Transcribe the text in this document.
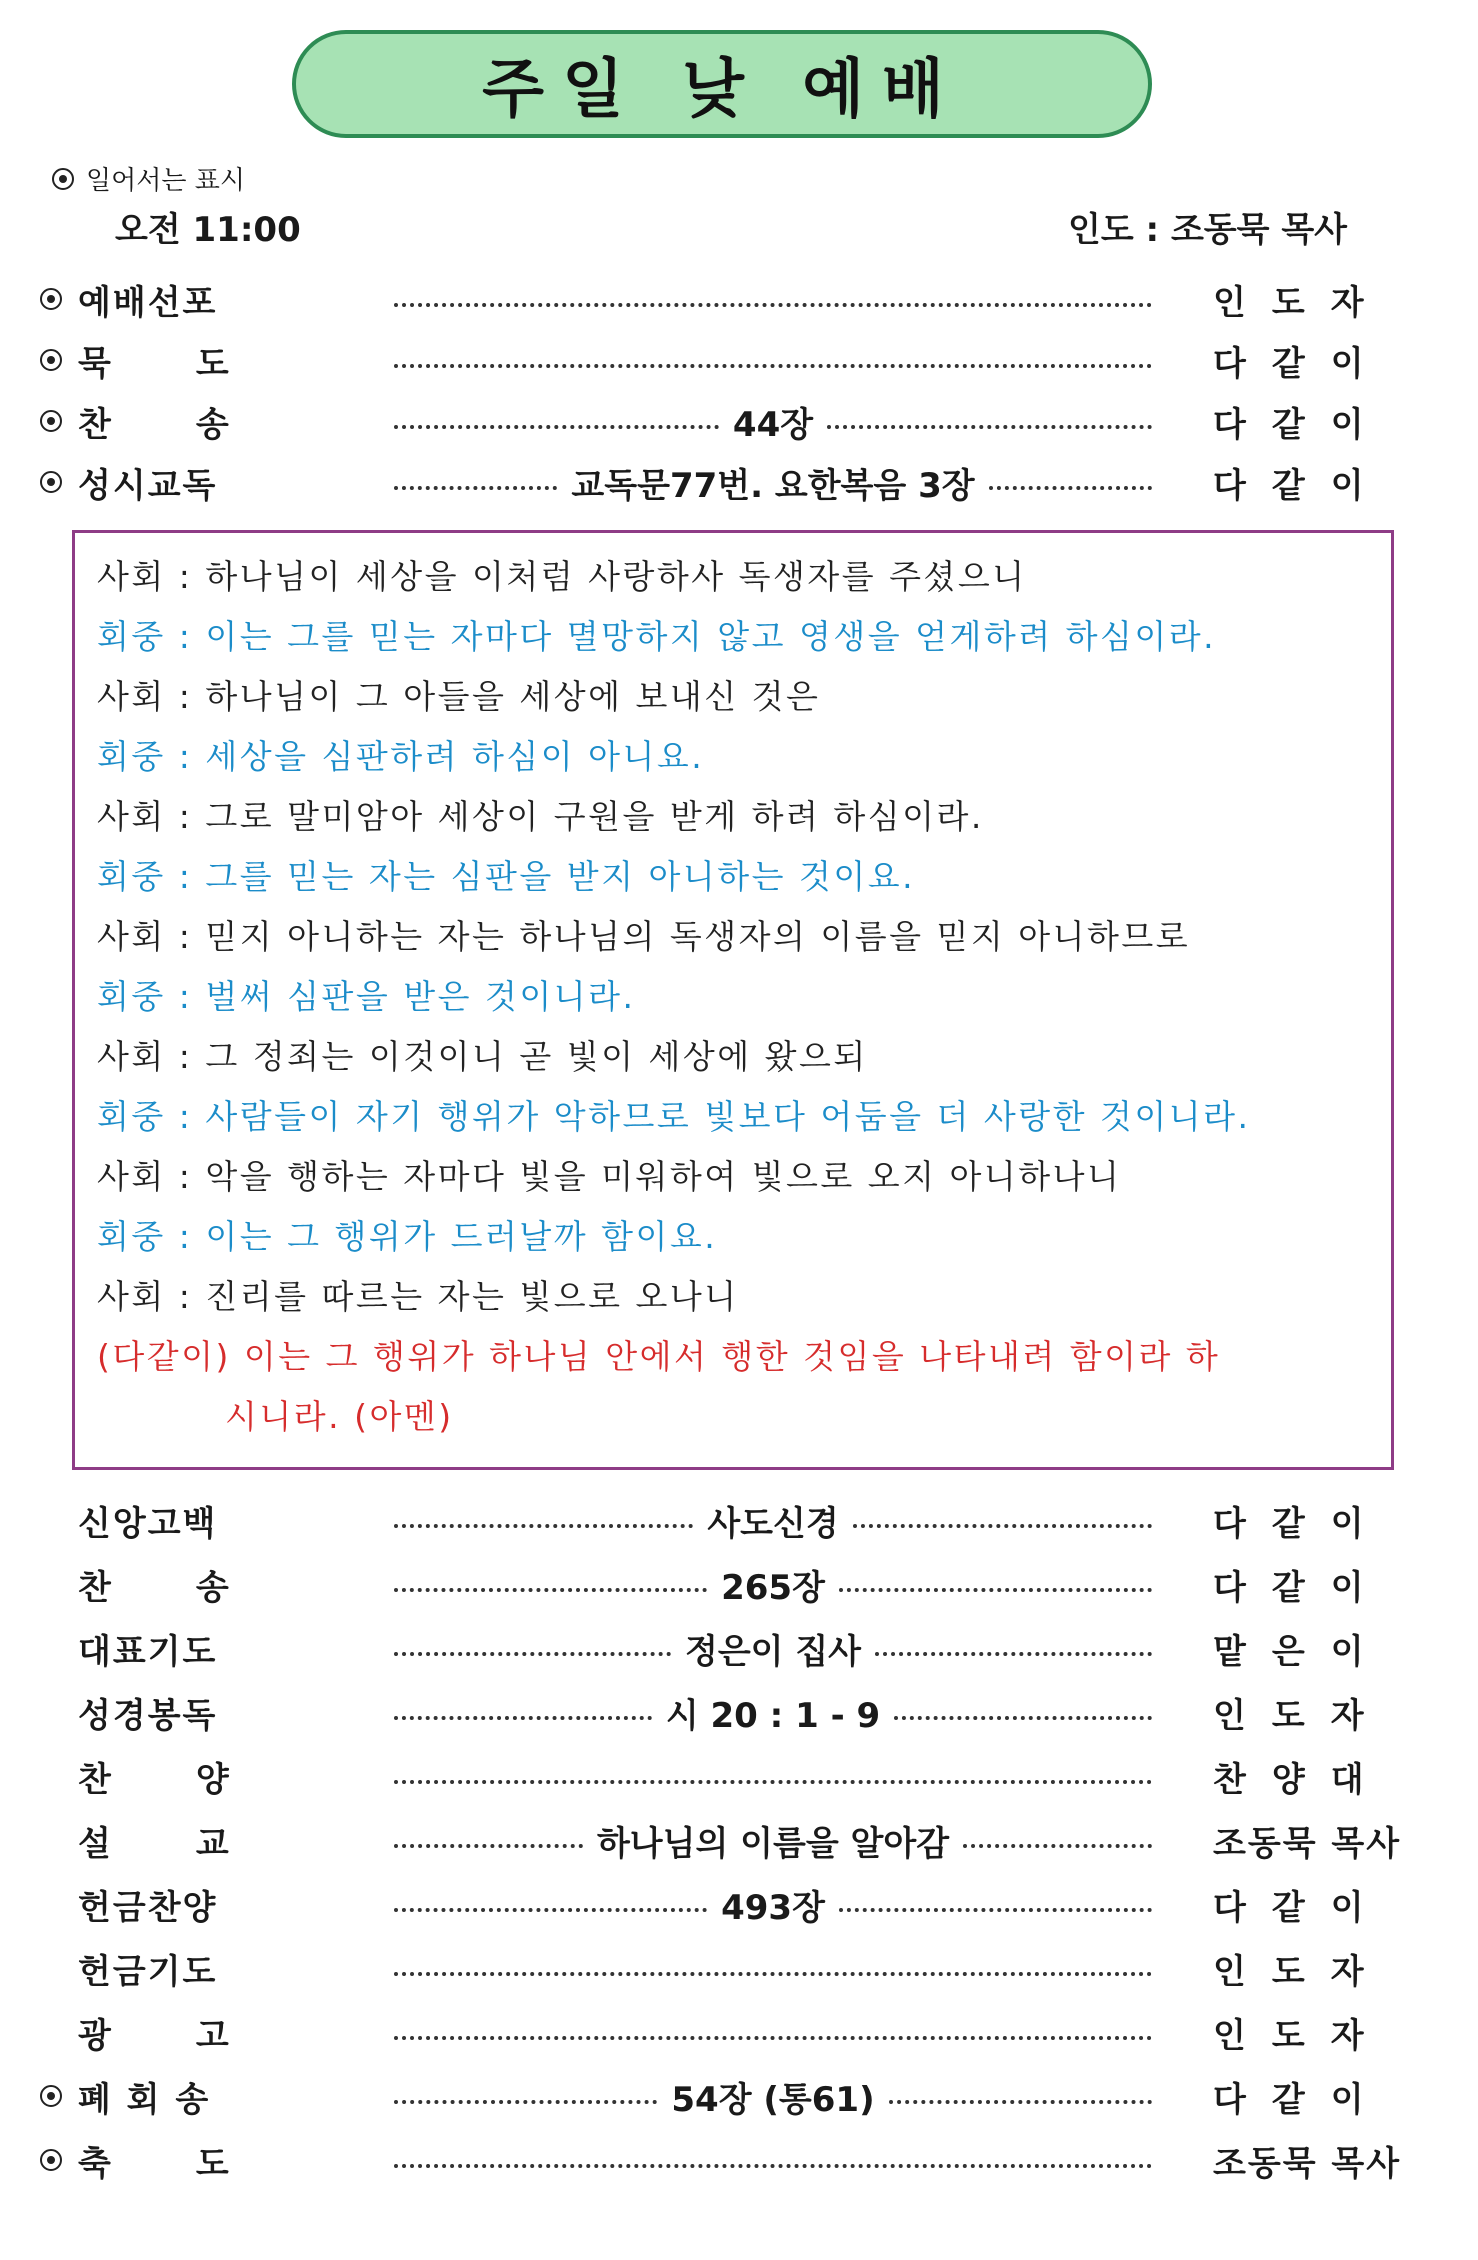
주일 낮 예배
일어서는 표시
오전 11:00	인도 : 조동묵 목사
예배선포	인도자
묵      도	다같이
찬      송	44장	다같이
성시교독	교독문77번. 요한복음 3장	다같이
사회 : 하나님이 세상을 이처럼 사랑하사 독생자를 주셨으니
회중 : 이는 그를 믿는 자마다 멸망하지 않고 영생을 얻게하려 하심이라.
사회 : 하나님이 그 아들을 세상에 보내신 것은
회중 : 세상을 심판하려 하심이 아니요.
사회 : 그로 말미암아 세상이 구원을 받게 하려 하심이라.
회중 : 그를 믿는 자는 심판을 받지 아니하는 것이요.
사회 : 믿지 아니하는 자는 하나님의 독생자의 이름을 믿지 아니하므로
회중 : 벌써 심판을 받은 것이니라.
사회 : 그 정죄는 이것이니 곧 빛이 세상에 왔으되
회중 : 사람들이 자기 행위가 악하므로 빛보다 어둠을 더 사랑한 것이니라.
사회 : 악을 행하는 자마다 빛을 미워하여 빛으로 오지 아니하나니
회중 : 이는 그 행위가 드러날까 함이요.
사회 : 진리를 따르는 자는 빛으로 오나니
(다같이) 이는 그 행위가 하나님 안에서 행한 것임을 나타내려 함이라 하
시니라. (아멘)
신앙고백	사도신경	다같이
찬      송	265장	다같이
대표기도	정은이 집사	맡은이
성경봉독	시 20 : 1 - 9	인도자
찬      양	찬양대
설      교	하나님의 이름을 알아감	조동묵 목사
헌금찬양	493장	다같이
헌금기도	인도자
광      고	인도자
폐 회 송	54장 (통61)	다같이
축      도	조동묵 목사
